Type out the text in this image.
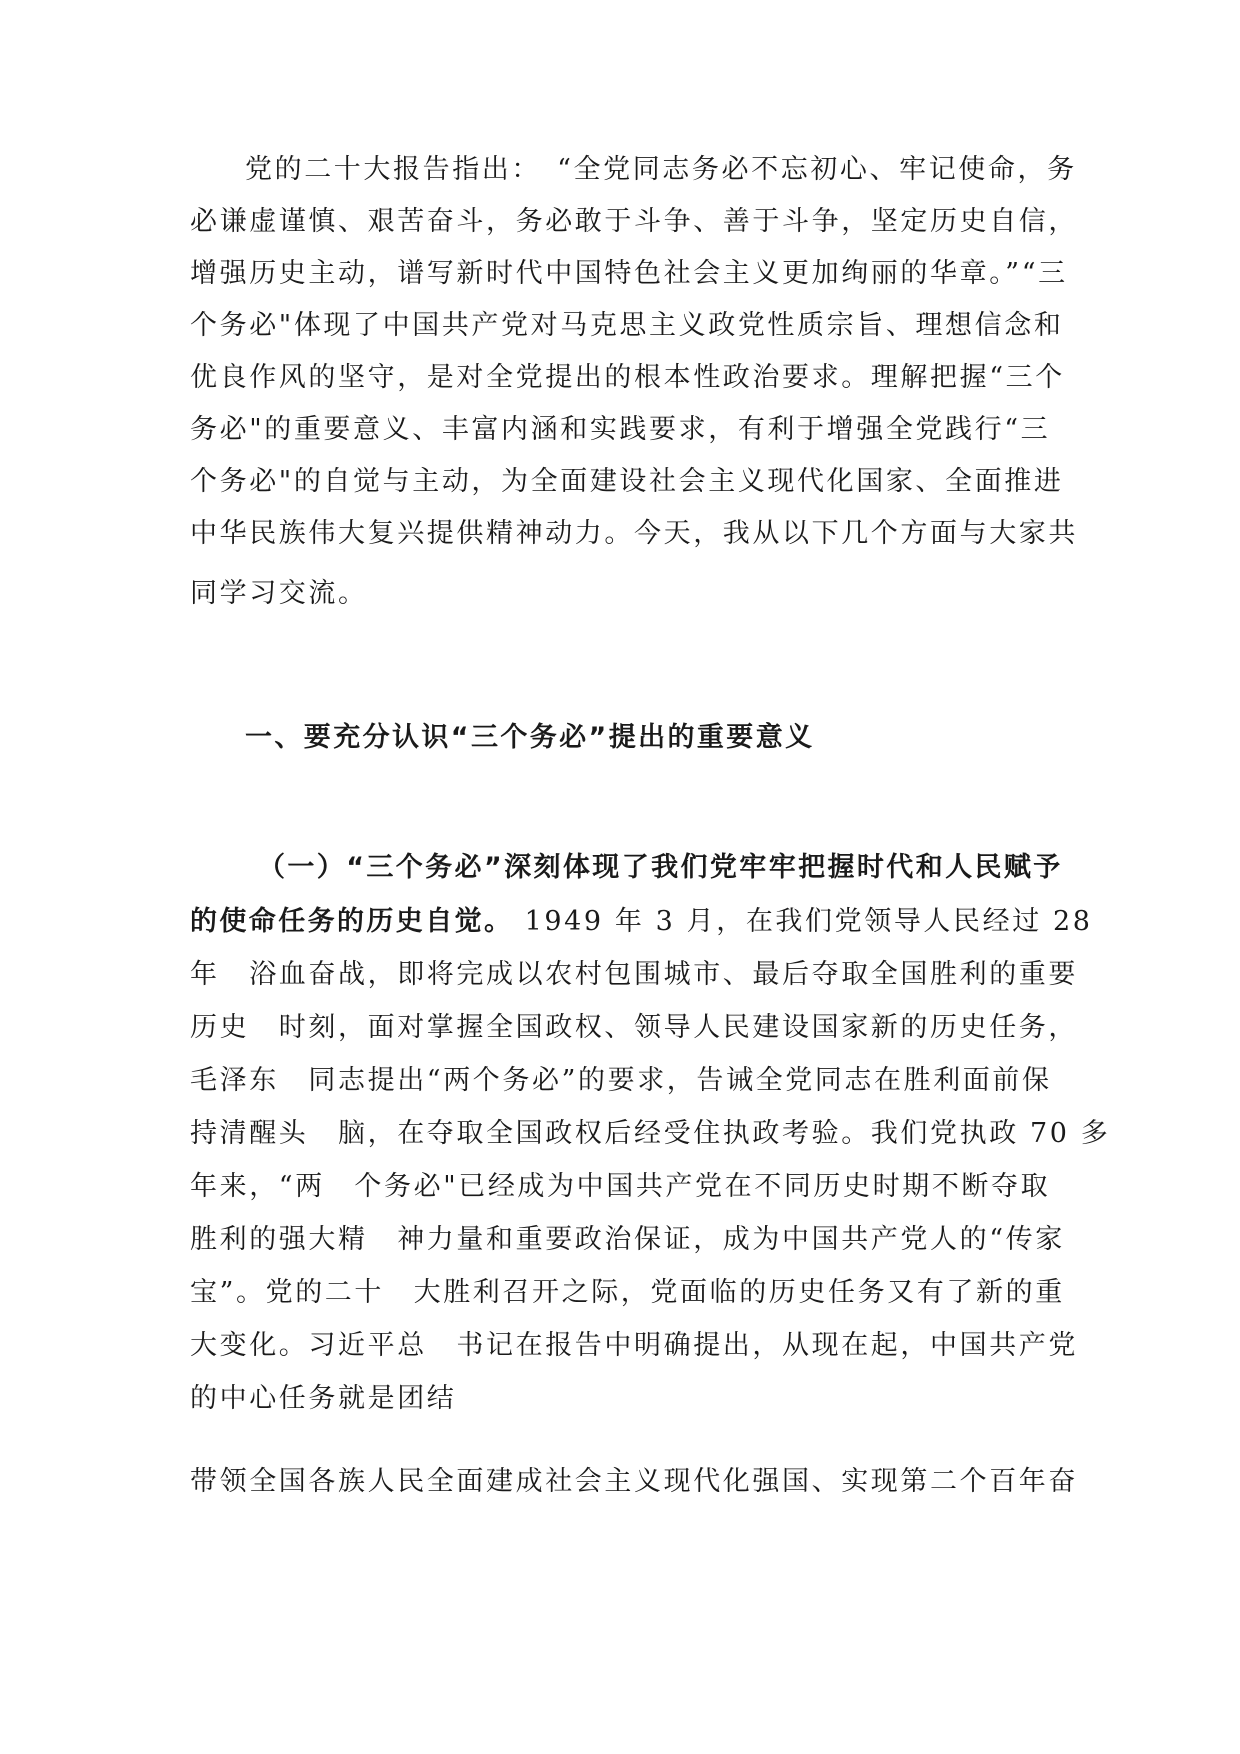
党的二十大报告指出：　“全党同志务必不忘初心、牢记使命，务
必谦虚谨慎、艰苦奋斗，务必敢于斗争、善于斗争，坚定历史自信，
增强历史主动，谱写新时代中国特色社会主义更加绚丽的华章。”“三
个务必"体现了中国共产党对马克思主义政党性质宗旨、理想信念和
优良作风的坚守，是对全党提出的根本性政治要求。理解把握“三个
务必"的重要意义、丰富内涵和实践要求，有利于增强全党践行“三
个务必"的自觉与主动，为全面建设社会主义现代化国家、全面推进
中华民族伟大复兴提供精神动力。今天，我从以下几个方面与大家共
同学习交流。
一、要充分认识“三个务必”提出的重要意义
（一）“三个务必”深刻体现了我们党牢牢把握时代和人民赋予
的使命任务的历史自觉。 1949 年 3 月，在我们党领导人民经过 28
年　浴血奋战，即将完成以农村包围城市、最后夺取全国胜利的重要
历史　时刻，面对掌握全国政权、领导人民建设国家新的历史任务，
毛泽东　同志提出“两个务必”的要求，告诫全党同志在胜利面前保
持清醒头　脑，在夺取全国政权后经受住执政考验。我们党执政 70 多
年来，“两　个务必"已经成为中国共产党在不同历史时期不断夺取
胜利的强大精　神力量和重要政治保证，成为中国共产党人的“传家
宝”。党的二十　大胜利召开之际，党面临的历史任务又有了新的重
大变化。习近平总　书记在报告中明确提出，从现在起，中国共产党
的中心任务就是团结
带领全国各族人民全面建成社会主义现代化强国、实现第二个百年奋
